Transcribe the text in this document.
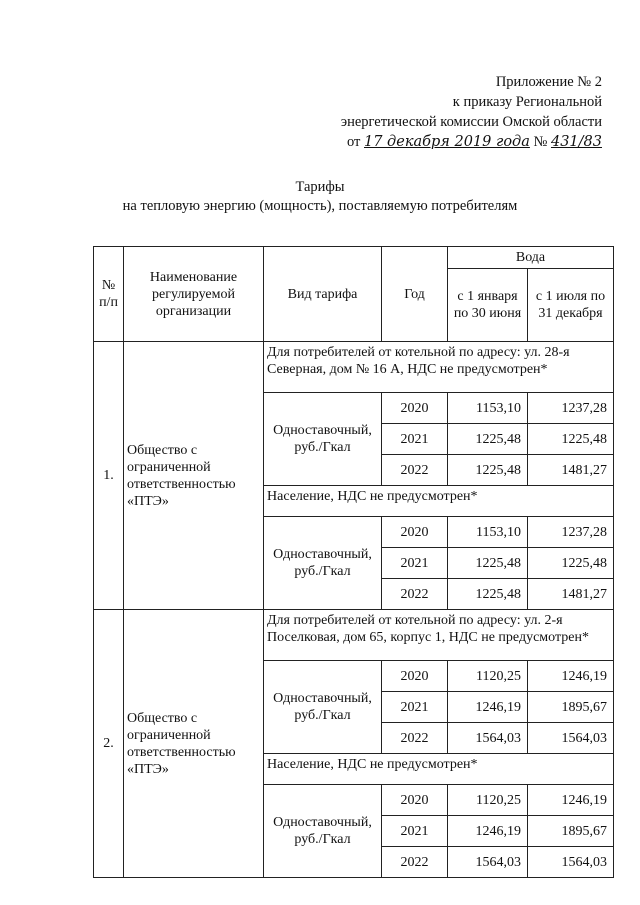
Приложение № 2
к приказу Региональной
энергетической комиссии Омской области
от 17 декабря 2019 года № 431/83
Тарифы
на тепловую энергию (мощность), поставляемую потребителям
№ п/п	Наименование регулируемой организации	Вид тарифа	Год	Вода	
				с 1 января по 30 июня	с 1 июля по 31 декабря
1.	Общество с ограниченной ответственностью «ПТЭ»	Для потребителей от котельной по адресу: ул. 28-я Северная, дом № 16 А, НДС не предусмотрен*			
		Одноставочный, руб./Гкал	2020	1153,10	1237,28
			2021	1225,48	1225,48
			2022	1225,48	1481,27
		Население, НДС не предусмотрен*			
		Одноставочный, руб./Гкал	2020	1153,10	1237,28
			2021	1225,48	1225,48
			2022	1225,48	1481,27
2.	Общество с ограниченной ответственностью «ПТЭ»	Для потребителей от котельной по адресу: ул. 2-я Поселковая, дом 65, корпус 1, НДС не предусмотрен*			
		Одноставочный, руб./Гкал	2020	1120,25	1246,19
			2021	1246,19	1895,67
			2022	1564,03	1564,03
		Население, НДС не предусмотрен*			
		Одноставочный, руб./Гкал	2020	1120,25	1246,19
			2021	1246,19	1895,67
			2022	1564,03	1564,03
